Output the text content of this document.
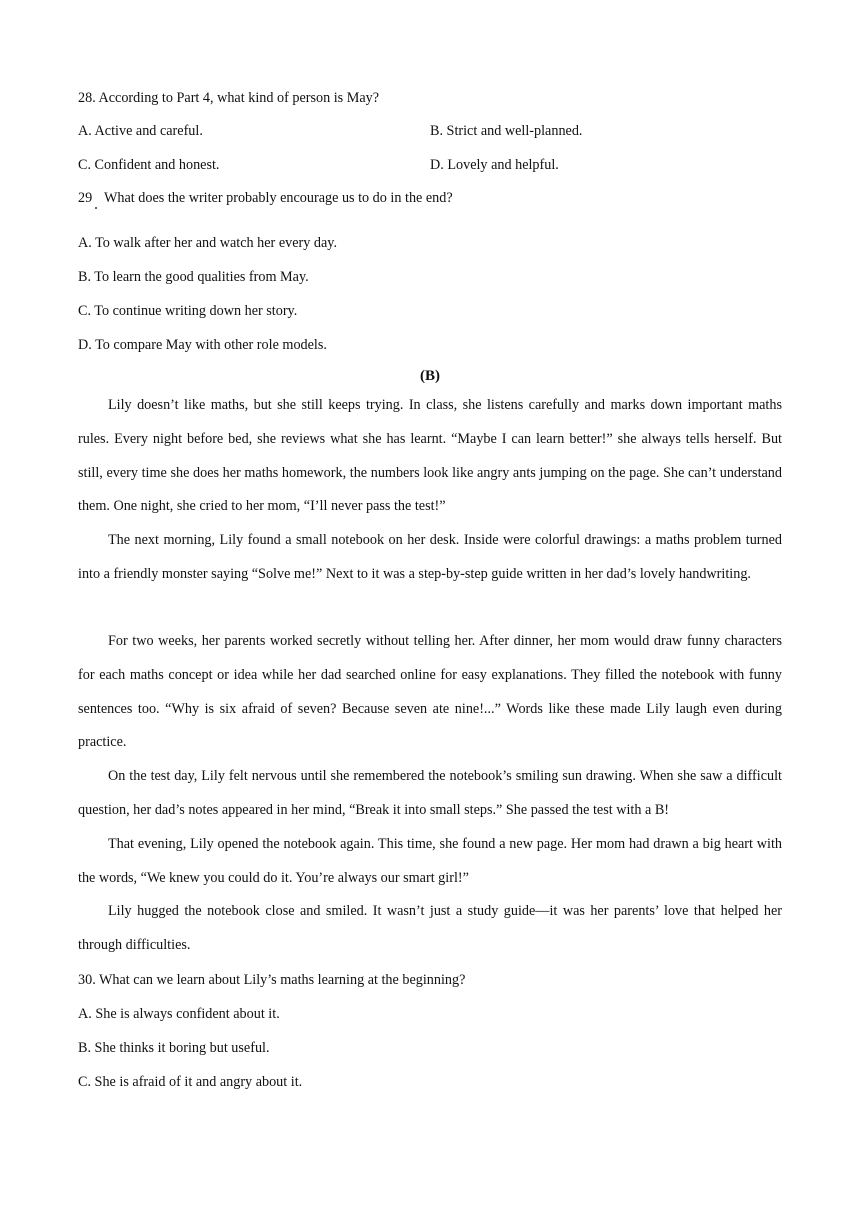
28. According to Part 4, what kind of person is May?
A. Active and careful.	B. Strict and well-planned.
C. Confident and honest.	D. Lovely and helpful.
29 What does the writer probably encourage us to do in the end?
A. To walk after her and watch her every day.
B. To learn the good qualities from May.
C. To continue writing down her story.
D. To compare May with other role models.
(B)
Lily doesn’t like maths, but she still keeps trying. In class, she listens carefully and marks down important maths rules. Every night before bed, she reviews what she has learnt. “Maybe I can learn better!” she always tells herself. But still, every time she does her maths homework, the numbers look like angry ants jumping on the page. She can’t understand them. One night, she cried to her mom, “I’ll never pass the test!”
The next morning, Lily found a small notebook on her desk. Inside were colorful drawings: a maths problem turned into a friendly monster saying “Solve me!” Next to it was a step-by-step guide written in her dad’s lovely handwriting.
For two weeks, her parents worked secretly without telling her. After dinner, her mom would draw funny characters for each maths concept or idea while her dad searched online for easy explanations. They filled the notebook with funny sentences too. “Why is six afraid of seven? Because seven ate nine!...” Words like these made Lily laugh even during practice.
On the test day, Lily felt nervous until she remembered the notebook’s smiling sun drawing. When she saw a difficult question, her dad’s notes appeared in her mind, “Break it into small steps.” She passed the test with a B!
That evening, Lily opened the notebook again. This time, she found a new page. Her mom had drawn a big heart with the words, “We knew you could do it. You’re always our smart girl!”
Lily hugged the notebook close and smiled. It wasn’t just a study guide—it was her parents’ love that helped her through difficulties.
30. What can we learn about Lily’s maths learning at the beginning?
A. She is always confident about it.
B. She thinks it boring but useful.
C. She is afraid of it and angry about it.
